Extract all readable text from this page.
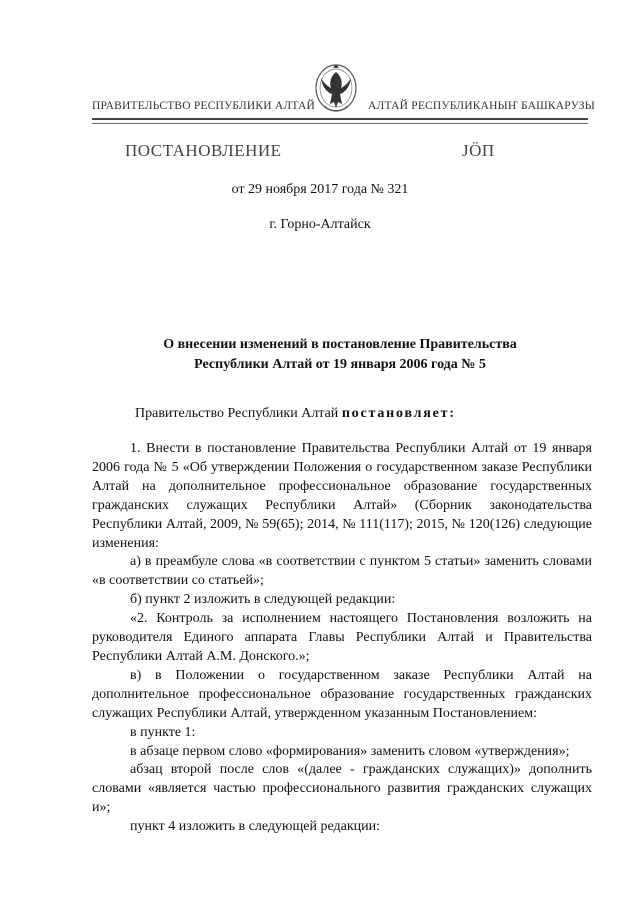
ПРАВИТЕЛЬСТВО РЕСПУБЛИКИ АЛТАЙ	АЛТАЙ РЕСПУБЛИКАНЫҤ БАШКАРУЗЫ
ПОСТАНОВЛЕНИЕ	ЈÖП
от 29 ноября 2017 года № 321
г. Горно-Алтайск
О внесении изменений в постановление Правительства
Республики Алтай от 19 января 2006 года № 5
Правительство Республики Алтай постановляет:

1. Внести в постановление Правительства Республики Алтай от 19 января 2006 года № 5 «Об утверждении Положения о государственном заказе Республики Алтай на дополнительное профессиональное образование государственных гражданских служащих Республики Алтай» (Сборник законодательства Республики Алтай, 2009, № 59(65); 2014, № 111(117); 2015, № 120(126) следующие изменения:

а) в преамбуле слова «в соответствии с пунктом 5 статьи» заменить словами «в соответствии со статьей»;

б) пункт 2 изложить в следующей редакции:

«2. Контроль за исполнением настоящего Постановления возложить на руководителя Единого аппарата Главы Республики Алтай и Правительства Республики Алтай А.М. Донского.»;

в) в Положении о государственном заказе Республики Алтай на дополнительное профессиональное образование государственных гражданских служащих Республики Алтай, утвержденном указанным Постановлением:

в пункте 1:

в абзаце первом слово «формирования» заменить словом «утверждения»;

абзац второй после слов «(далее - гражданских служащих)» дополнить словами «является частью профессионального развития гражданских служащих и»;

пункт 4 изложить в следующей редакции:
